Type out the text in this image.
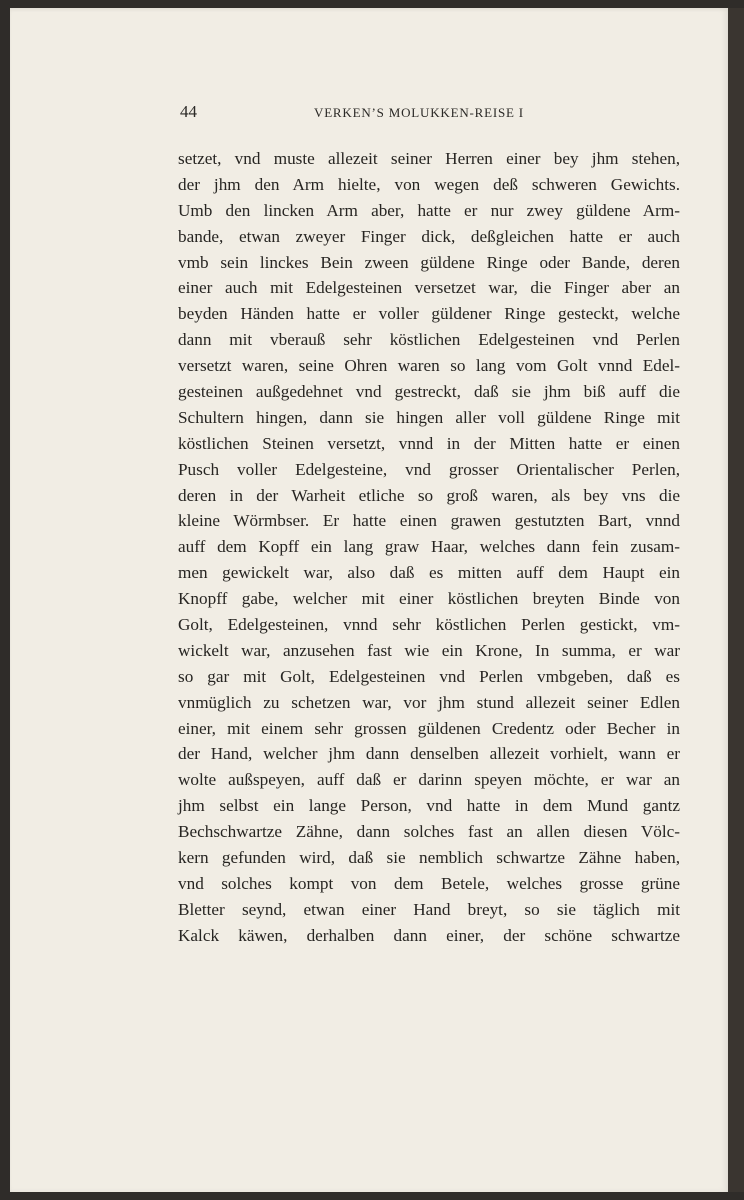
44	VERKEN’S MOLUKKEN-REISE I
setzet, vnd muste allezeit seiner Herren einer bey jhm stehen,
der jhm den Arm hielte, von wegen deß schweren Gewichts.
Umb den lincken Arm aber, hatte er nur zwey güldene Arm-
bande, etwan zweyer Finger dick, deßgleichen hatte er auch
vmb sein linckes Bein zween güldene Ringe oder Bande, deren
einer auch mit Edelgesteinen versetzet war, die Finger aber an
beyden Händen hatte er voller güldener Ringe gesteckt, welche
dann mit vberauß sehr köstlichen Edelgesteinen vnd Perlen
versetzt waren, seine Ohren waren so lang vom Golt vnnd Edel-
gesteinen außgedehnet vnd gestreckt, daß sie jhm biß auff die
Schultern hingen, dann sie hingen aller voll güldene Ringe mit
köstlichen Steinen versetzt, vnnd in der Mitten hatte er einen
Pusch voller Edelgesteine, vnd grosser Orientalischer Perlen,
deren in der Warheit etliche so groß waren, als bey vns die
kleine Wörmbser. Er hatte einen grawen gestutzten Bart, vnnd
auff dem Kopff ein lang graw Haar, welches dann fein zusam-
men gewickelt war, also daß es mitten auff dem Haupt ein
Knopff gabe, welcher mit einer köstlichen breyten Binde von
Golt, Edelgesteinen, vnnd sehr köstlichen Perlen gestickt, vm-
wickelt war, anzusehen fast wie ein Krone, In summa, er war
so gar mit Golt, Edelgesteinen vnd Perlen vmbgeben, daß es
vnmüglich zu schetzen war, vor jhm stund allezeit seiner Edlen
einer, mit einem sehr grossen güldenen Credentz oder Becher in
der Hand, welcher jhm dann denselben allezeit vorhielt, wann er
wolte außspeyen, auff daß er darinn speyen möchte, er war an
jhm selbst ein lange Person, vnd hatte in dem Mund gantz
Bechschwartze Zähne, dann solches fast an allen diesen Völc-
kern gefunden wird, daß sie nemblich schwartze Zähne haben,
vnd solches kompt von dem Betele, welches grosse grüne
Bletter seynd, etwan einer Hand breyt, so sie täglich mit
Kalck käwen, derhalben dann einer, der schöne schwartze
